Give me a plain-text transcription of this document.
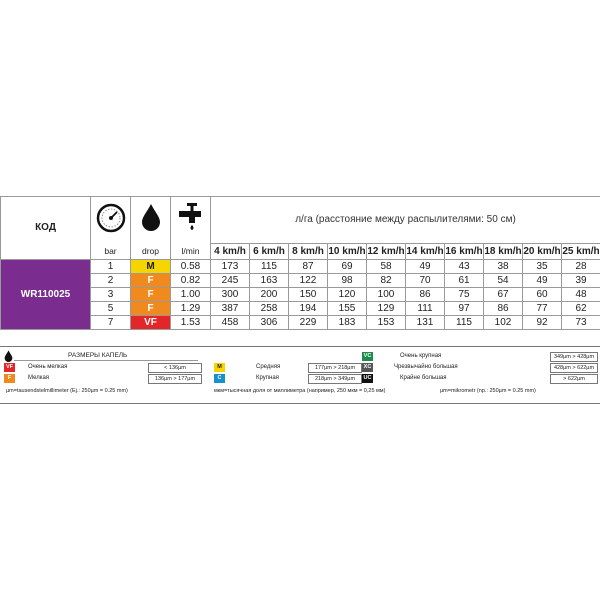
КОД	bar	drop	l/min	л/га (расстояние между распылителями: 50 см)									
				4 km/h	6 km/h	8 km/h	10 km/h	12 km/h	14 km/h	16 km/h	18 km/h	20 km/h	25 km/h
WR110025	1	M	0.58	173	115	87	69	58	49	43	38	35	28
	2	F	0.82	245	163	122	98	82	70	61	54	49	39
	3	F	1.00	300	200	150	120	100	86	75	67	60	48
	5	F	1.29	387	258	194	155	129	111	97	86	77	62
	7	VF	1.53	458	306	229	183	153	131	115	102	92	73
РАЗМЕРЫ КАПЕЛЬ
VF	Очень мелкая	< 136µm
F	Мелкая	136µm > 177µm
µm=tausendstelmillimeter (Ej.: 250µm = 0.25 mm)
M	Средняя	177µm > 218µm
C	Крупная	218µm > 349µm
мкм=тысячная доля от миллиметра (например, 250 мкм = 0,25 мм)
VC	Очень крупная	349µm > 428µm
XC	Чрезвычайно большая	428µm > 622µm
UC	Крайне большая	> 622µm
µm=mikrometr (np.: 250µm = 0.25 mm)
